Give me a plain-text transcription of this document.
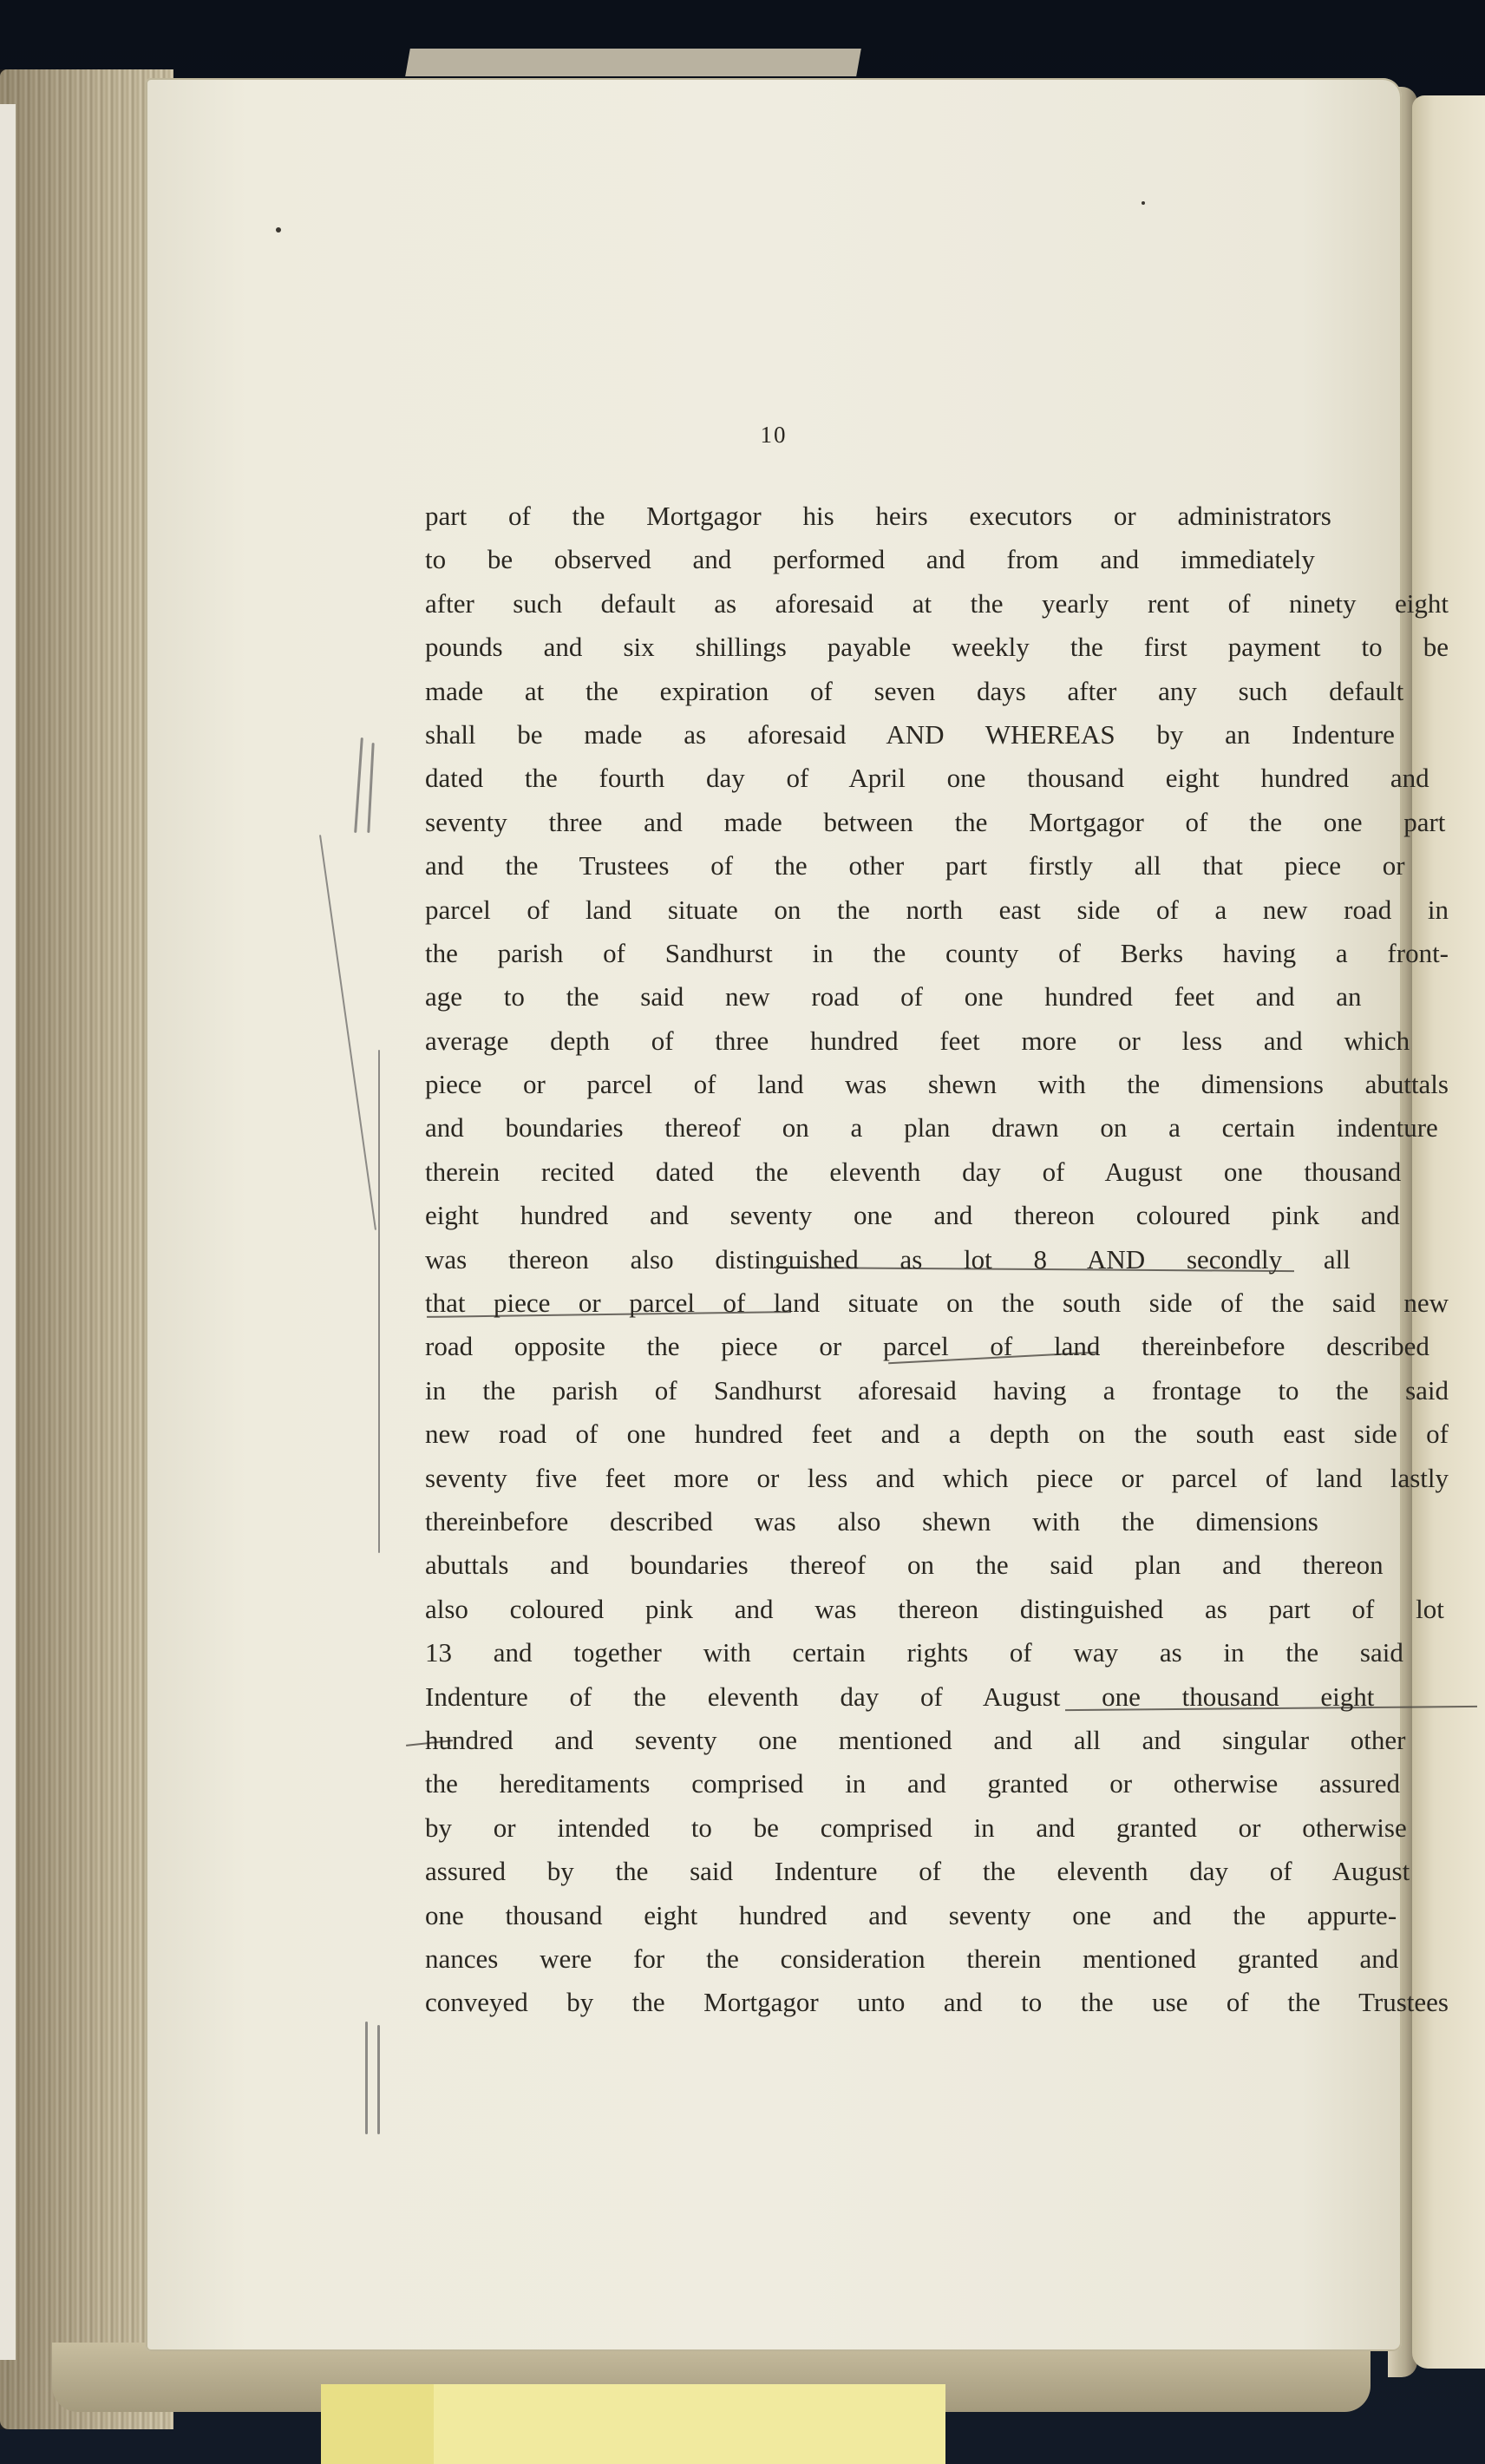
10
part of the Mortgagor his heirs executors or administrators
to be observed and performed and from and immediately
after such default as aforesaid at the yearly rent of ninety eight
pounds and six shillings payable weekly the first payment to be
made at the expiration of seven days after any such default
shall be made as aforesaid AND WHEREAS by an Indenture
dated the fourth day of April one thousand eight hundred and
seventy three and made between the Mortgagor of the one part
and the Trustees of the other part firstly all that piece or
parcel of land situate on the north east side of a new road in
the parish of Sandhurst in the county of Berks having a front-
age to the said new road of one hundred feet and an
average depth of three hundred feet more or less and which
piece or parcel of land was shewn with the dimensions abuttals
and boundaries thereof on a plan drawn on a certain indenture
therein recited dated the eleventh day of August one thousand
eight hundred and seventy one and thereon coloured pink and
was thereon also distinguished as lot 8 AND secondly all
that piece or parcel of land situate on the south side of the said new
road opposite the piece or parcel of land thereinbefore described
in the parish of Sandhurst aforesaid having a frontage to the said
new road of one hundred feet and a depth on the south east side of
seventy five feet more or less and which piece or parcel of land lastly
thereinbefore described was also shewn with the dimensions
abuttals and boundaries thereof on the said plan and thereon
also coloured pink and was thereon distinguished as part of lot
13 and together with certain rights of way as in the said
Indenture of the eleventh day of August one thousand eight
hundred and seventy one mentioned and all and singular other
the hereditaments comprised in and granted or otherwise assured
by or intended to be comprised in and granted or otherwise
assured by the said Indenture of the eleventh day of August
one thousand eight hundred and seventy one and the appurte-
nances were for the consideration therein mentioned granted and
conveyed by the Mortgagor unto and to the use of the Trustees
